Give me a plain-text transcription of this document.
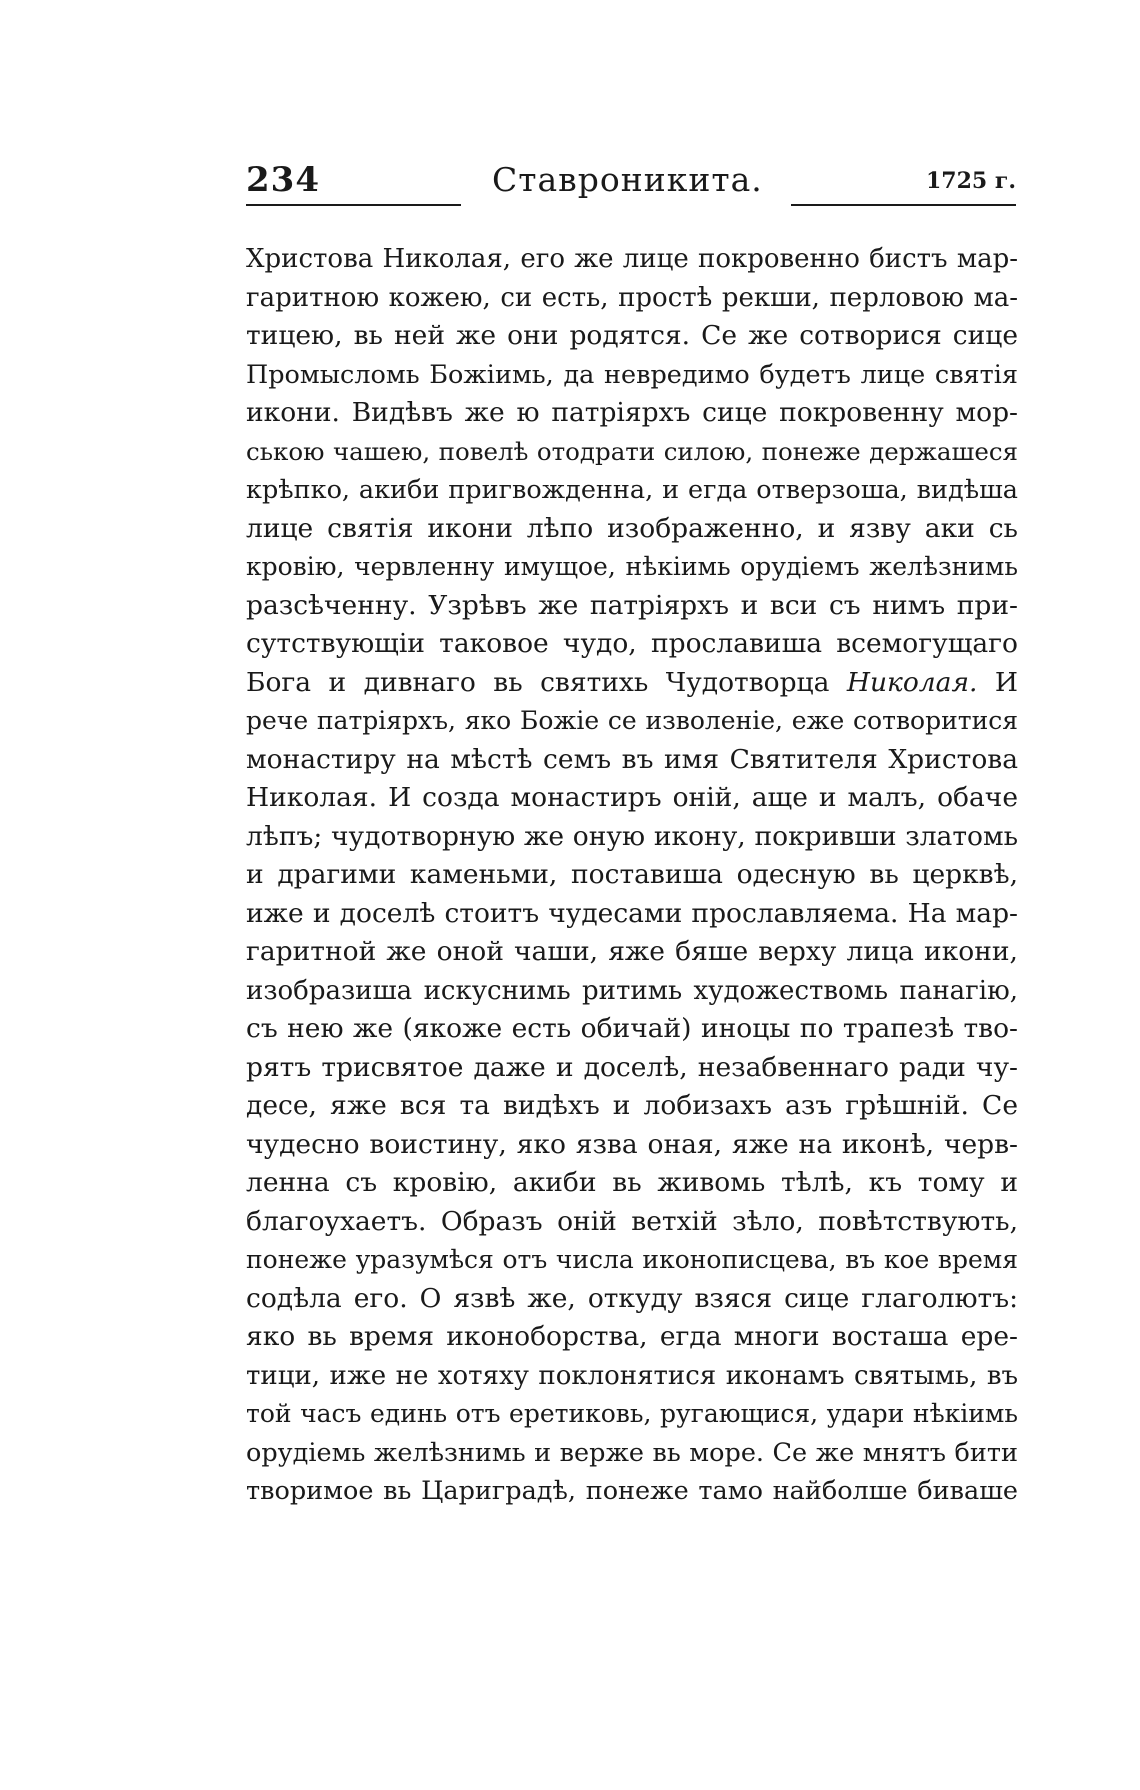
234	Ставроникита.	1725 г.
Христова Николая, его же лице покровенно бистъ мар-
гаритною кожею, си есть, простѣ рекши, перловою ма-
тицею, вь ней же они родятся. Се же сотворися сице
Промысломь Божіимь, да невредимо будетъ лице святія
икони. Видѣвъ же ю патріярхъ сице покровенну мор-
ською чашею, повелѣ отодрати силою, понеже держашеся
крѣпко, акиби пригвожденна, и егда отверзоша, видѣша
лице святія икони лѣпо изображенно, и язву аки сь
кровію, червленну имущое, нѣкіимь орудіемъ желѣзнимь
разсѣченну. Узрѣвъ же патріярхъ и вси съ нимъ при-
сутствующіи таковое чудо, прославиша всемогущаго
Бога и дивнаго вь святихь Чудотворца Николая. И
рече патріярхъ, яко Божіе се изволеніе, еже сотворитися
монастиру на мѣстѣ семъ въ имя Святителя Христова
Николая. И созда монастиръ оній, аще и малъ, обаче
лѣпъ; чудотворную же оную икону, покривши златомь
и драгими каменьми, поставиша одесную вь церквѣ,
иже и доселѣ стоитъ чудесами прославляема. На мар-
гаритной же оной чаши, яже бяше верху лица икони,
изобразиша искуснимь ритимь художествомь панагію,
съ нею же (якоже есть обичай) иноцы по трапезѣ тво-
рятъ трисвятое даже и доселѣ, незабвеннаго ради чу-
десе, яже вся та видѣхъ и лобизахъ азъ грѣшній. Се
чудесно воистину, яко язва оная, яже на иконѣ, черв-
ленна съ кровію, акиби вь живомь тѣлѣ, къ тому и
благоухаетъ. Образъ оній ветхій зѣло, повѣтствують,
понеже уразумѣся отъ числа иконописцева, въ кое время
содѣла его. О язвѣ же, откуду взяся сице глаголютъ:
яко вь время иконоборства, егда многи восташа ере-
тици, иже не хотяху поклонятися иконамъ святымь, въ
той часъ единь отъ еретиковь, ругающися, удари нѣкіимь
орудіемь желѣзнимь и верже вь море. Се же мнятъ бити
творимое вь Цариградѣ, понеже тамо найболше биваше
